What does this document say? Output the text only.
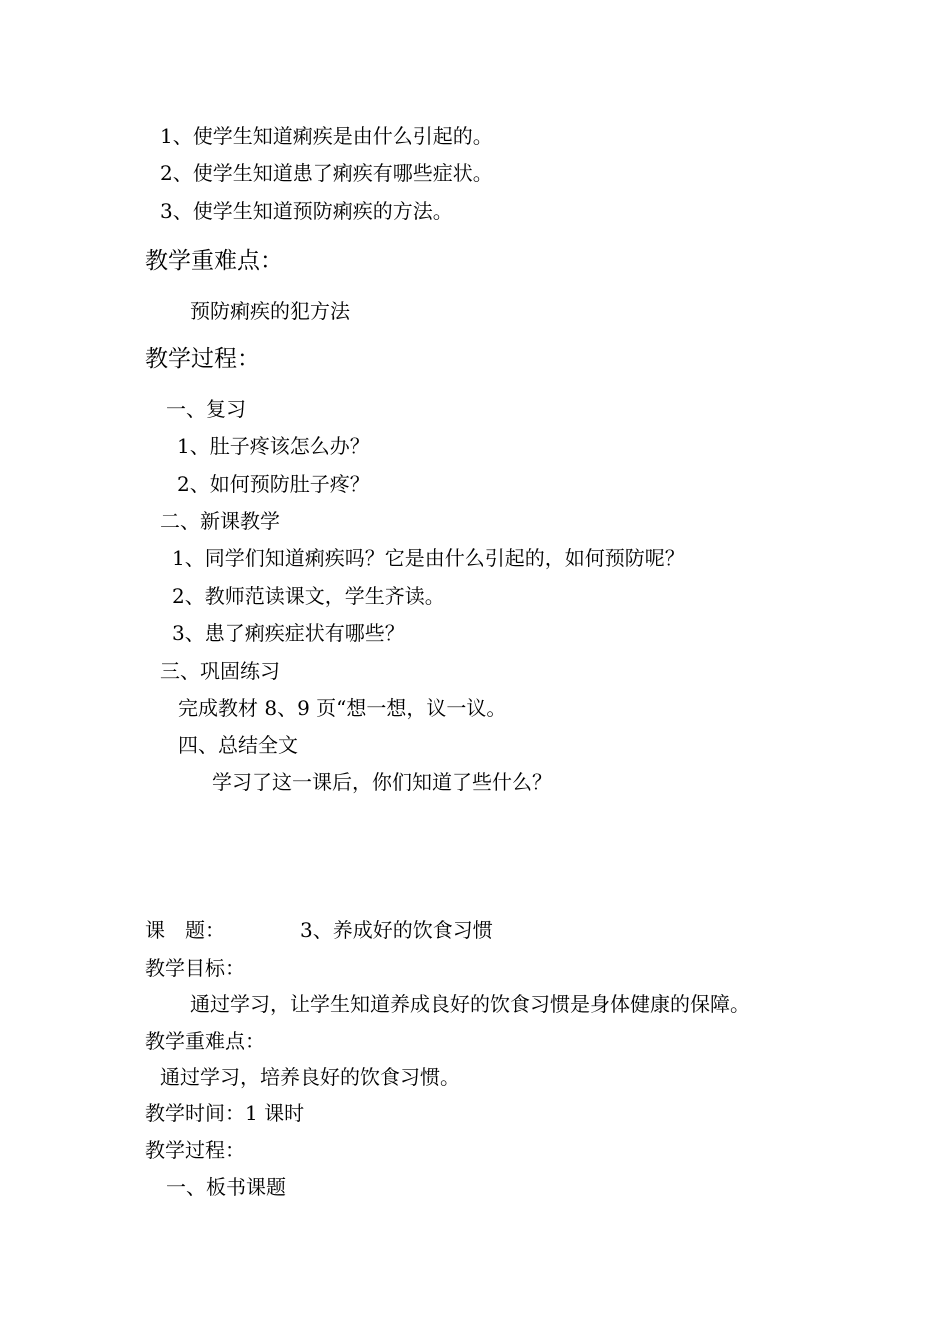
1、使学生知道痢疾是由什么引起的。
2、使学生知道患了痢疾有哪些症状。
3、使学生知道预防痢疾的方法。
教学重难点：
预防痢疾的犯方法
教学过程：
一、复习
1、肚子疼该怎么办？
2、如何预防肚子疼？
二、新课教学
1、同学们知道痢疾吗？它是由什么引起的，如何预防呢？
2、教师范读课文，学生齐读。
3、患了痢疾症状有哪些？
三、巩固练习
完成教材 8、9 页“想一想，议一议。
四、总结全文
学习了这一课后，你们知道了些什么？
课　题：	3、养成好的饮食习惯
教学目标：
通过学习，让学生知道养成良好的饮食习惯是身体健康的保障。
教学重难点：
通过学习，培养良好的饮食习惯。
教学时间：1 课时
教学过程：
一、板书课题
